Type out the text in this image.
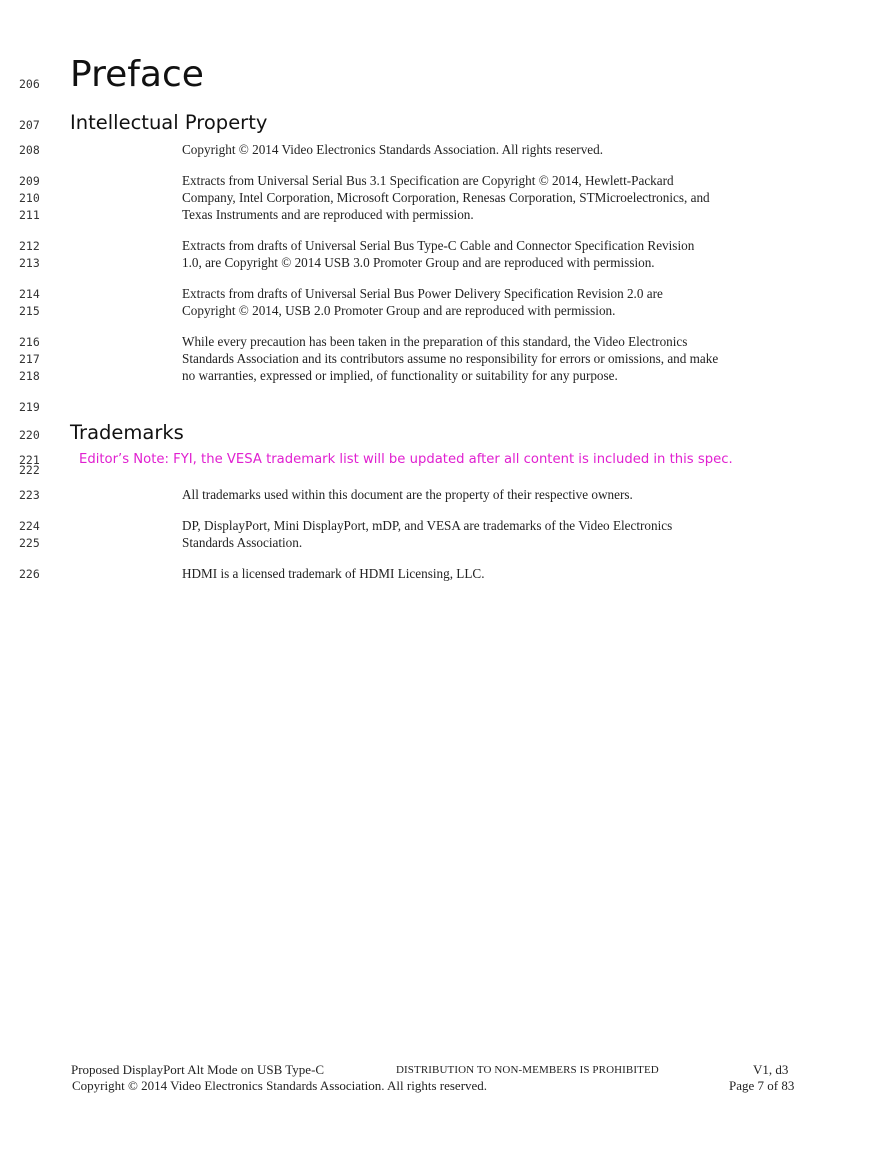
206 Preface
207 Intellectual Property
208	Copyright © 2014 Video Electronics Standards Association. All rights reserved.
209	Extracts from Universal Serial Bus 3.1 Specification are Copyright © 2014, Hewlett-Packard
210	Company, Intel Corporation, Microsoft Corporation, Renesas Corporation, STMicroelectronics, and
211	Texas Instruments and are reproduced with permission.
212	Extracts from drafts of Universal Serial Bus Type-C Cable and Connector Specification Revision
213	1.0, are Copyright © 2014 USB 3.0 Promoter Group and are reproduced with permission.
214	Extracts from drafts of Universal Serial Bus Power Delivery Specification Revision 2.0 are
215	Copyright © 2014, USB 2.0 Promoter Group and are reproduced with permission.
216	While every precaution has been taken in the preparation of this standard, the Video Electronics
217	Standards Association and its contributors assume no responsibility for errors or omissions, and make
218	no warranties, expressed or implied, of functionality or suitability for any purpose.
219
220 Trademarks
221
222
Editor’s Note: FYI, the VESA trademark list will be updated after all content is included in this spec.
223	All trademarks used within this document are the property of their respective owners.
224	DP, DisplayPort, Mini DisplayPort, mDP, and VESA are trademarks of the Video Electronics
225	Standards Association.
226	HDMI is a licensed trademark of HDMI Licensing, LLC.
Proposed DisplayPort Alt Mode on USB Type-C	DISTRIBUTION TO NON-MEMBERS IS PROHIBITED	V1, d3
Copyright © 2014 Video Electronics Standards Association. All rights reserved.	Page 7 of 83
